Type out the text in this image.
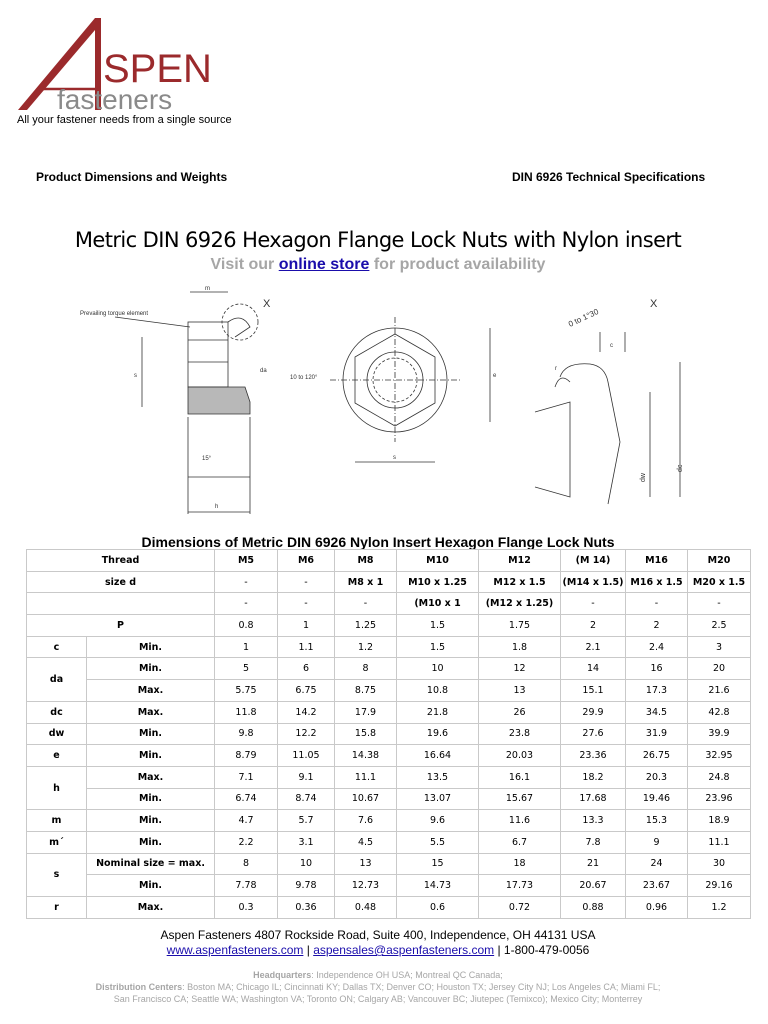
SPEN
fasteners
All your fastener needs from a single source
Product Dimensions and Weights	DIN 6926 Technical Specifications
Metric DIN 6926 Hexagon Flange Lock Nuts with Nylon insert
Visit our online store for product availability
Prevailing torque element
X
m
s
h
10 to 120°
15°
da
s
e
0 to 1°30
X
c
dw
dc
r
Dimensions of Metric DIN 6926 Nylon Insert Hexagon Flange Lock Nuts
Thread		M5	M6	M8	M10	M12	(M 14)	M16	M20
size d		-	-	M8 x 1	M10 x 1.25	M12 x 1.5	(M14 x 1.5)	M16 x 1.5	M20 x 1.5
		-	-	-	(M10 x 1	(M12 x 1.25)	-	-	-
P		0.8	1	1.25	1.5	1.75	2	2	2.5
c	Min.	1	1.1	1.2	1.5	1.8	2.1	2.4	3
da	Min.	5	6	8	10	12	14	16	20
	Max.	5.75	6.75	8.75	10.8	13	15.1	17.3	21.6
dc	Max.	11.8	14.2	17.9	21.8	26	29.9	34.5	42.8
dw	Min.	9.8	12.2	15.8	19.6	23.8	27.6	31.9	39.9
e	Min.	8.79	11.05	14.38	16.64	20.03	23.36	26.75	32.95
h	Max.	7.1	9.1	11.1	13.5	16.1	18.2	20.3	24.8
	Min.	6.74	8.74	10.67	13.07	15.67	17.68	19.46	23.96
m	Min.	4.7	5.7	7.6	9.6	11.6	13.3	15.3	18.9
m´	Min.	2.2	3.1	4.5	5.5	6.7	7.8	9	11.1
s	Nominal size = max.	8	10	13	15	18	21	24	30
	Min.	7.78	9.78	12.73	14.73	17.73	20.67	23.67	29.16
r	Max.	0.3	0.36	0.48	0.6	0.72	0.88	0.96	1.2
Aspen Fasteners 4807 Rockside Road, Suite 400, Independence, OH 44131 USA
www.aspenfasteners.com | aspensales@aspenfasteners.com | 1-800-479-0056
Headquarters: Independence OH USA; Montreal QC Canada;
Distribution Centers: Boston MA; Chicago IL; Cincinnati KY; Dallas TX; Denver CO; Houston TX; Jersey City NJ; Los Angeles CA; Miami FL;
San Francisco CA; Seattle WA; Washington VA; Toronto ON; Calgary AB; Vancouver BC; Jiutepec (Temixco); Mexico City; Monterrey
